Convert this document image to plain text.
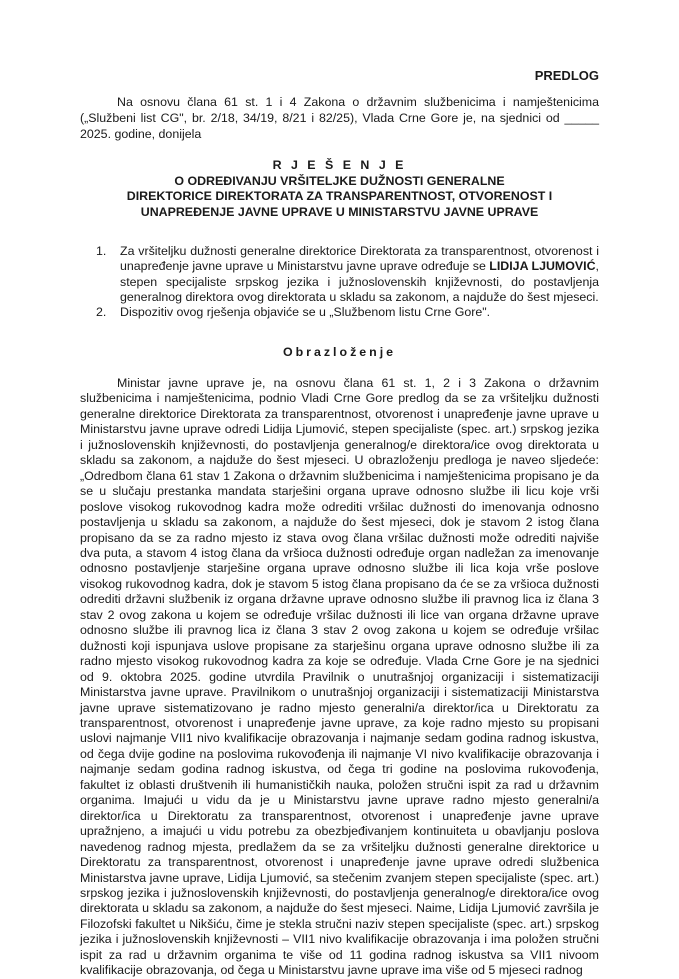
PREDLOG
Na osnovu člana 61 st. 1 i 4 Zakona o državnim službenicima i namještenicima („Službeni list CG", br. 2/18, 34/19, 8/21 i 82/25), Vlada Crne Gore je, na sjednici od _____ 2025. godine, donijela
R J E Š E N J E
O ODREĐIVANJU VRŠITELJKE DUŽNOSTI GENERALNE
DIREKTORICE DIREKTORATA ZA TRANSPARENTNOST, OTVORENOST I
UNAPREĐENJE JAVNE UPRAVE U MINISTARSTVU JAVNE UPRAVE
1. Za vršiteljku dužnosti generalne direktorice Direktorata za transparentnost, otvorenost i unapređenje javne uprave u Ministarstvu javne uprave određuje se LIDIJA LJUMOVIĆ, stepen specijaliste srpskog jezika i južnoslovenskih književnosti, do postavljenja generalnog direktora ovog direktorata u skladu sa zakonom, a najduže do šest mjeseci.
2. Dispozitiv ovog rješenja objaviće se u „Službenom listu Crne Gore".
Obrazloženje
Ministar javne uprave je, na osnovu člana 61 st. 1, 2 i 3 Zakona o državnim službenicima i namještenicima, podnio Vladi Crne Gore predlog da se za vršiteljku dužnosti generalne direktorice Direktorata za transparentnost, otvorenost i unapređenje javne uprave u Ministarstvu javne uprave odredi Lidija Ljumović, stepen specijaliste (spec. art.) srpskog jezika i južnoslovenskih književnosti, do postavljenja generalnog/e direktora/ice ovog direktorata u skladu sa zakonom, a najduže do šest mjeseci. U obrazloženju predloga je naveo sljedeće: „Odredbom člana 61 stav 1 Zakona o državnim službenicima i namještenicima propisano je da se u slučaju prestanka mandata starješini organa uprave odnosno službe ili licu koje vrši poslove visokog rukovodnog kadra može odrediti vršilac dužnosti do imenovanja odnosno postavljenja u skladu sa zakonom, a najduže do šest mjeseci, dok je stavom 2 istog člana propisano da se za radno mjesto iz stava ovog člana vršilac dužnosti može odrediti najviše dva puta, a stavom 4 istog člana da vršioca dužnosti određuje organ nadležan za imenovanje odnosno postavljenje starješine organa uprave odnosno službe ili lica koja vrše poslove visokog rukovodnog kadra, dok je stavom 5 istog člana propisano da će se za vršioca dužnosti odrediti državni službenik iz organa državne uprave odnosno službe ili pravnog lica iz člana 3 stav 2 ovog zakona u kojem se određuje vršilac dužnosti ili lice van organa državne uprave odnosno službe ili pravnog lica iz člana 3 stav 2 ovog zakona u kojem se određuje vršilac dužnosti koji ispunjava uslove propisane za starješinu organa uprave odnosno službe ili za radno mjesto visokog rukovodnog kadra za koje se određuje. Vlada Crne Gore je na sjednici od 9. oktobra 2025. godine utvrdila Pravilnik o unutrašnjoj organizaciji i sistematizaciji Ministarstva javne uprave. Pravilnikom o unutrašnjoj organizaciji i sistematizaciji Ministarstva javne uprave sistematizovano je radno mjesto generalni/a direktor/ica u Direktoratu za transparentnost, otvorenost i unapređenje javne uprave, za koje radno mjesto su propisani uslovi najmanje VII1 nivo kvalifikacije obrazovanja i najmanje sedam godina radnog iskustva, od čega dvije godine na poslovima rukovođenja ili najmanje VI nivo kvalifikacije obrazovanja i najmanje sedam godina radnog iskustva, od čega tri godine na poslovima rukovođenja, fakultet iz oblasti društvenih ili humanističkih nauka, položen stručni ispit za rad u državnim organima. Imajući u vidu da je u Ministarstvu javne uprave radno mjesto generalni/a direktor/ica u Direktoratu za transparentnost, otvorenost i unapređenje javne uprave upražnjeno, a imajući u vidu potrebu za obezbjeđivanjem kontinuiteta u obavljanju poslova navedenog radnog mjesta, predlažem da se za vršiteljku dužnosti generalne direktorice u Direktoratu za transparentnost, otvorenost i unapređenje javne uprave odredi službenica Ministarstva javne uprave, Lidija Ljumović, sa stečenim zvanjem stepen specijaliste (spec. art.) srpskog jezika i južnoslovenskih književnosti, do postavljenja generalnog/e direktora/ice ovog direktorata u skladu sa zakonom, a najduže do šest mjeseci. Naime, Lidija Ljumović završila je Filozofski fakultet u Nikšiću, čime je stekla stručni naziv stepen specijaliste (spec. art.) srpskog jezika i južnoslovenskih književnosti – VII1 nivo kvalifikacije obrazovanja i ima položen stručni ispit za rad u državnim organima te više od 11 godina radnog iskustva sa VII1 nivoom kvalifikacije obrazovanja, od čega u Ministarstvu javne uprave ima više od 5 mjeseci radnog
